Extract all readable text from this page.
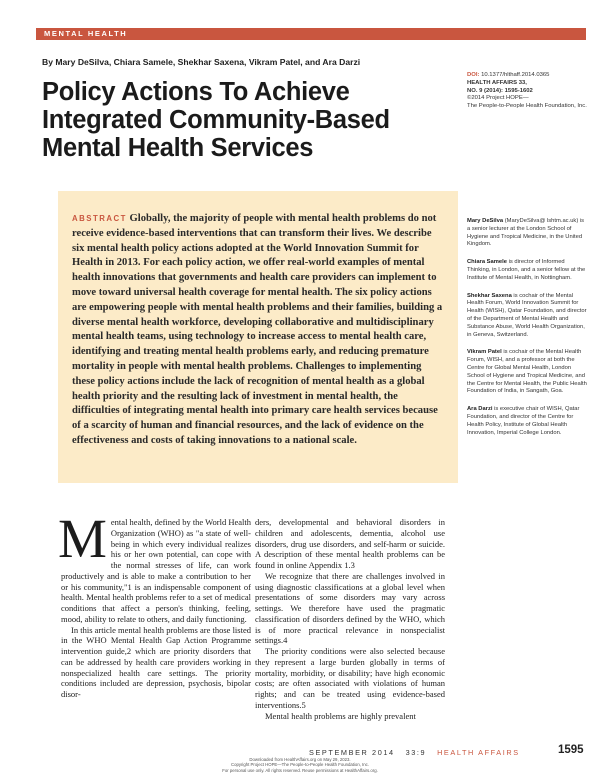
MENTAL HEALTH
By Mary DeSilva, Chiara Samele, Shekhar Saxena, Vikram Patel, and Ara Darzi
Policy Actions To Achieve Integrated Community-Based Mental Health Services
DOI: 10.1377/hlthaff.2014.0365
HEALTH AFFAIRS 33,
NO. 9 (2014): 1595-1602
©2014 Project HOPE—
The People-to-People Health Foundation, Inc.

ABSTRACT Globally, the majority of people with mental health problems do not receive evidence-based interventions that can transform their lives. We describe six mental health policy actions adopted at the World Innovation Summit for Health in 2013. For each policy action, we offer real-world examples of mental health innovations that governments and health care providers can implement to move toward universal health coverage for mental health. The six policy actions are empowering people with mental health problems and their families, building a diverse mental health workforce, developing collaborative and multidisciplinary mental health teams, using technology to increase access to mental health care, identifying and treating mental health problems early, and reducing premature mortality in people with mental health problems. Challenges to implementing these policy actions include the lack of recognition of mental health as a global health priority and the resulting lack of investment in mental health, the difficulties of integrating mental health into primary care health services because of a scarcity of human and financial resources, and the lack of evidence on the effectiveness and costs of taking innovations to a national scale.

Mary DeSilva (MaryDeSilva@ lshtm.ac.uk) is a senior lecturer at the London School of Hygiene and Tropical Medicine, in the United Kingdom.

Chiara Samele is director of Informed Thinking, in London, and a senior fellow at the Institute of Mental Health, in Nottingham.

Shekhar Saxena is cochair of the Mental Health Forum, World Innovation Summit for Health (WISH), Qatar Foundation, and director of the Department of Mental Health and Substance Abuse, World Health Organization, in Geneva, Switzerland.

Vikram Patel is cochair of the Mental Health Forum, WISH, and a professor at both the Centre for Global Mental Health, London School of Hygiene and Tropical Medicine, and the Centre for Mental Health, the Public Health Foundation of India, in Sangath, Goa.

Ara Darzi is executive chair of WISH, Qatar Foundation, and director of the Centre for Health Policy, Institute of Global Health Innovation, Imperial College London.

Mental health, defined by the World Health Organization (WHO) as "a state of well-being in which every individual realizes his or her own potential, can cope with the normal stresses of life, can work productively and is able to make a contribution to her or his community,"1 is an indispensable component of health. Mental health problems refer to a set of medical conditions that affect a person's thinking, feeling, mood, ability to relate to others, and daily functioning.

In this article mental health problems are those listed in the WHO Mental Health Gap Action Programme intervention guide,2 which are priority disorders that can be addressed by health care providers working in nonspecialized health care settings. The priority conditions included are depression, psychosis, bipolar disor-

ders, developmental and behavioral disorders in children and adolescents, dementia, alcohol use disorders, drug use disorders, and self-harm or suicide. A description of these mental health problems can be found in online Appendix 1.3

We recognize that there are challenges involved in using diagnostic classifications at a global level when presentations of some disorders may vary across settings. We therefore have used the pragmatic classification of disorders defined by the WHO, which is of more practical relevance in nonspecialist settings.4

The priority conditions were also selected because they represent a large burden globally in terms of mortality, morbidity, or disability; have high economic costs; are often associated with violations of human rights; and can be treated using evidence-based interventions.5

Mental health problems are highly prevalent

SEPTEMBER 2014 33:9 HEALTH AFFAIRS	1595
Downloaded from HealthAffairs.org on May 29, 2023.
Copyright Project HOPE—The People-to-People Health Foundation, Inc.
For personal use only. All rights reserved. Reuse permissions at HealthAffairs.org.
